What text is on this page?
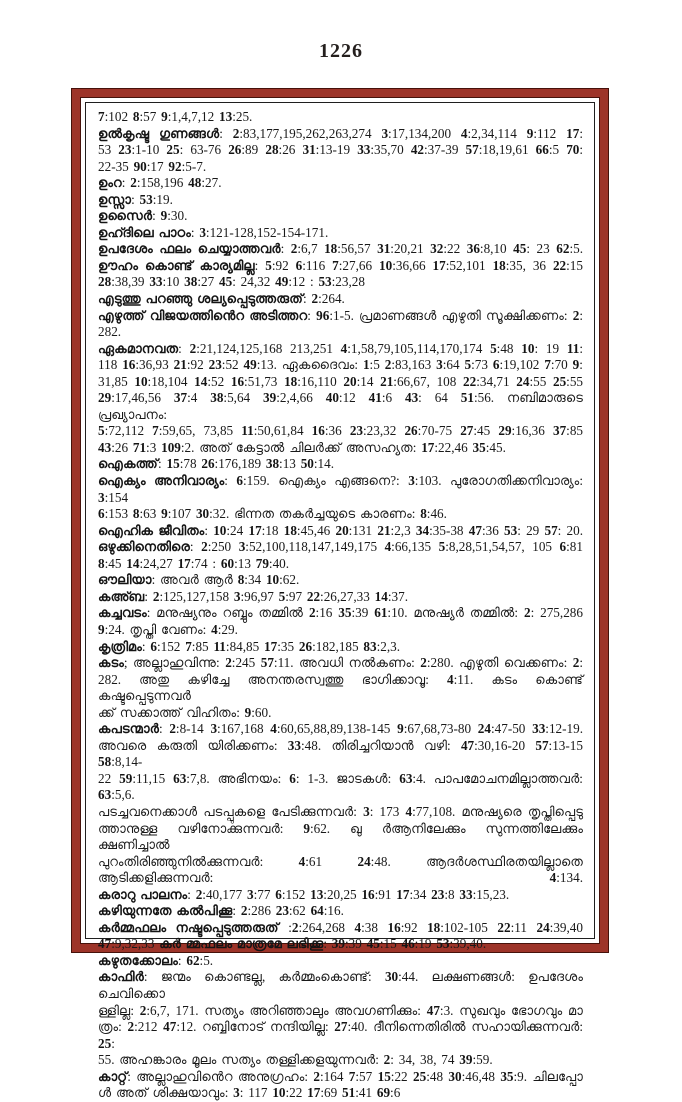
1226
7:102 8:57 9:1,4,7,12 13:25.
ഉൽകൃഷ്ട ഗുണങ്ങൾ: 2:83,177,195,262,263,274 3:17,134,200 4:2,34,114 9:112 17:
53 23:1-10 25: 63-76 26:89 28:26 31:13-19 33:35,70 42:37-39 57:18,19,61 66:5 70:
22-35 90:17 92:5-7.
ഉംറ: 2:158,196 48:27.
ഉസ്സാ: 53:19.
ഉസൈർ: 9:30.
ഉഹ്ദിലെ പാഠം: 3:121-128,152-154-171.
ഉപദേശം ഫലം ചെയ്യാത്തവർ: 2:6,7 18:56,57 31:20,21 32:22 36:8,10 45: 23 62:5.
ഊഹം കൊണ്ട് കാര്യമില്ല: 5:92 6:116 7:27,66 10:36,66 17:52,101 18:35, 36 22:15
28:38,39 33:10 38:27 45: 24,32 49:12 : 53:23,28
എടുത്തു പറഞ്ഞു ശല്യപ്പെടുത്തരുത്: 2:264.
എഴുത്ത് വിജയത്തിൻെറ അടിത്തറ: 96:1-5. പ്രമാണങ്ങൾ എഴുതി സൂക്ഷിക്കണം: 2: 282.
ഏകമാനവത: 2:21,124,125,168 213,251 4:1,58,79,105,114,170,174 5:48 10: 19 11:
118 16:36,93 21:92 23:52 49:13. ഏകദൈവം: 1:5 2:83,163 3:64 5:73 6:19,102 7:70 9:
31,85 10:18,104 14:52 16:51,73 18:16,110 20:14 21:66,67, 108 22:34,71 24:55 25:55
29:17,46,56 37:4 38:5,64 39:2,4,66 40:12 41:6 43: 64 51:56. നബിമാരുടെ പ്രഖ്യാപനം:
5:72,112 7:59,65, 73,85 11:50,61,84 16:36 23:23,32 26:70-75 27:45 29:16,36 37:85
43:26 71:3 109:2. അത് കേട്ടാൽ ചിലർക്ക് അസഹ്യത: 17:22,46 35:45.
ഐകത്ത്: 15:78 26:176,189 38:13 50:14.
ഐക്യം അനിവാര്യം: 6:159. ഐക്യം എങ്ങനെ?: 3:103. പുരോഗതിക്കനിവാര്യം: 3:154
6:153 8:63 9:107 30:32. ഭിന്നത തകർച്ചയുടെ കാരണം: 8:46.
ഐഹിക ജീവിതം: 10:24 17:18 18:45,46 20:131 21:2,3 34:35-38 47:36 53: 29 57: 20.
ഒഴുക്കിനെതിരെ: 2:250 3:52,100,118,147,149,175 4:66,135 5:8,28,51,54,57, 105 6:81
8:45 14:24,27 17:74 : 60:13 79:40.
ഔലിയാ: അവർ ആർ 8:34 10:62.
കഅ്ബ: 2:125,127,158 3:96,97 5:97 22:26,27,33 14:37.
കച്ചവടം: മനുഷ്യനും റബ്ബും തമ്മിൽ 2:16 35:39 61:10. മനുഷ്യർ തമ്മിൽ: 2: 275,286
9:24. തൃപ്തി വേണം: 4:29.
കൃത്രിമം: 6:152 7:85 11:84,85 17:35 26:182,185 83:2,3.
കടം; അല്ലാഹുവിന്നു: 2:245 57:11. അവധി നൽകണം: 2:280. എഴുതി വെക്കണം: 2:
282. അതു കഴിച്ചേ അനന്തരസ്വത്തു ഭാഗിക്കാവൂ: 4:11. കടം കൊണ്ട് കഷ്ടപ്പെടുന്നവർ
ക്ക് സക്കാത്ത് വിഹിതം: 9:60.
കപടന്മാർ: 2:8-14 3:167,168 4:60,65,88,89,138-145 9:67,68,73-80 24:47-50 33:12-19.
അവരെ കരുതി യിരിക്കണം: 33:48. തിരിച്ചറിയാൻ വഴി: 47:30,16-20 57:13-15 58:8,14-
22 59:11,15 63:7,8. അഭിനയം: 6: 1-3. ജാടകൾ: 63:4. പാപമോചനമില്ലാത്തവർ: 63:5,6.
പടച്ചവനെക്കാൾ പടപ്പുകളെ പേടിക്കുന്നവർ: 3: 173 4:77,108. മനുഷ്യരെ തൃപ്തിപ്പെടു
ത്താനുള്ള വഴിനോക്കുന്നവർ: 9:62. ഖു ർആനിലേക്കും സുന്നത്തിലേക്കും ക്ഷണിച്ചാൽ
പുറംതിരിഞ്ഞുനിൽക്കുന്നവർ: 4:61 24:48. ആദർശസ്ഥിരതയില്ലാതെ ആടിക്കളിക്കുന്നവർ: 4:134.
കരാറു പാലനം: 2:40,177 3:77 6:152 13:20,25 16:91 17:34 23:8 33:15,23.
കഴിയുന്നതേ കൽപിക്കൂ: 2:286 23:62 64:16.
കർമ്മഫലം നഷ്ടപ്പെടുത്തരുത് :2:264,268 4:38 16:92 18:102-105 22:11 24:39,40
47:9,32,33 കർ മ്മഫലം മാത്രമേ ലഭിക്കൂ: 39:39 45:15 46:19 53:39,40.
കഴുതക്കോലം: 62:5.
കാഫിർ: ജന്മം കൊണ്ടല്ല, കർമ്മംകൊണ്ട്: 30:44. ലക്ഷണങ്ങൾ: ഉപദേശം ചെവിക്കൊ
ള്ളില്ല: 2:6,7, 171. സത്യം അറിഞ്ഞാലും അവഗണിക്കും: 47:3. സുഖവും ഭോഗവും മാ
ത്രം: 2:212 47:12. റബ്ബിനോട് നന്ദിയില്ല: 27:40. ദീനിന്നെതിരിൽ സഹായിക്കുന്നവർ: 25:
55. അഹങ്കാരം മൂലം സത്യം തള്ളിക്കളയുന്നവർ: 2: 34, 38, 74 39:59.
കാറ്റ്: അല്ലാഹുവിൻെറ അനുഗ്രഹം: 2:164 7:57 15:22 25:48 30:46,48 35:9. ചിലപ്പോ
ൾ അത് ശിക്ഷയാവും: 3: 117 10:22 17:69 51:41 69:6
